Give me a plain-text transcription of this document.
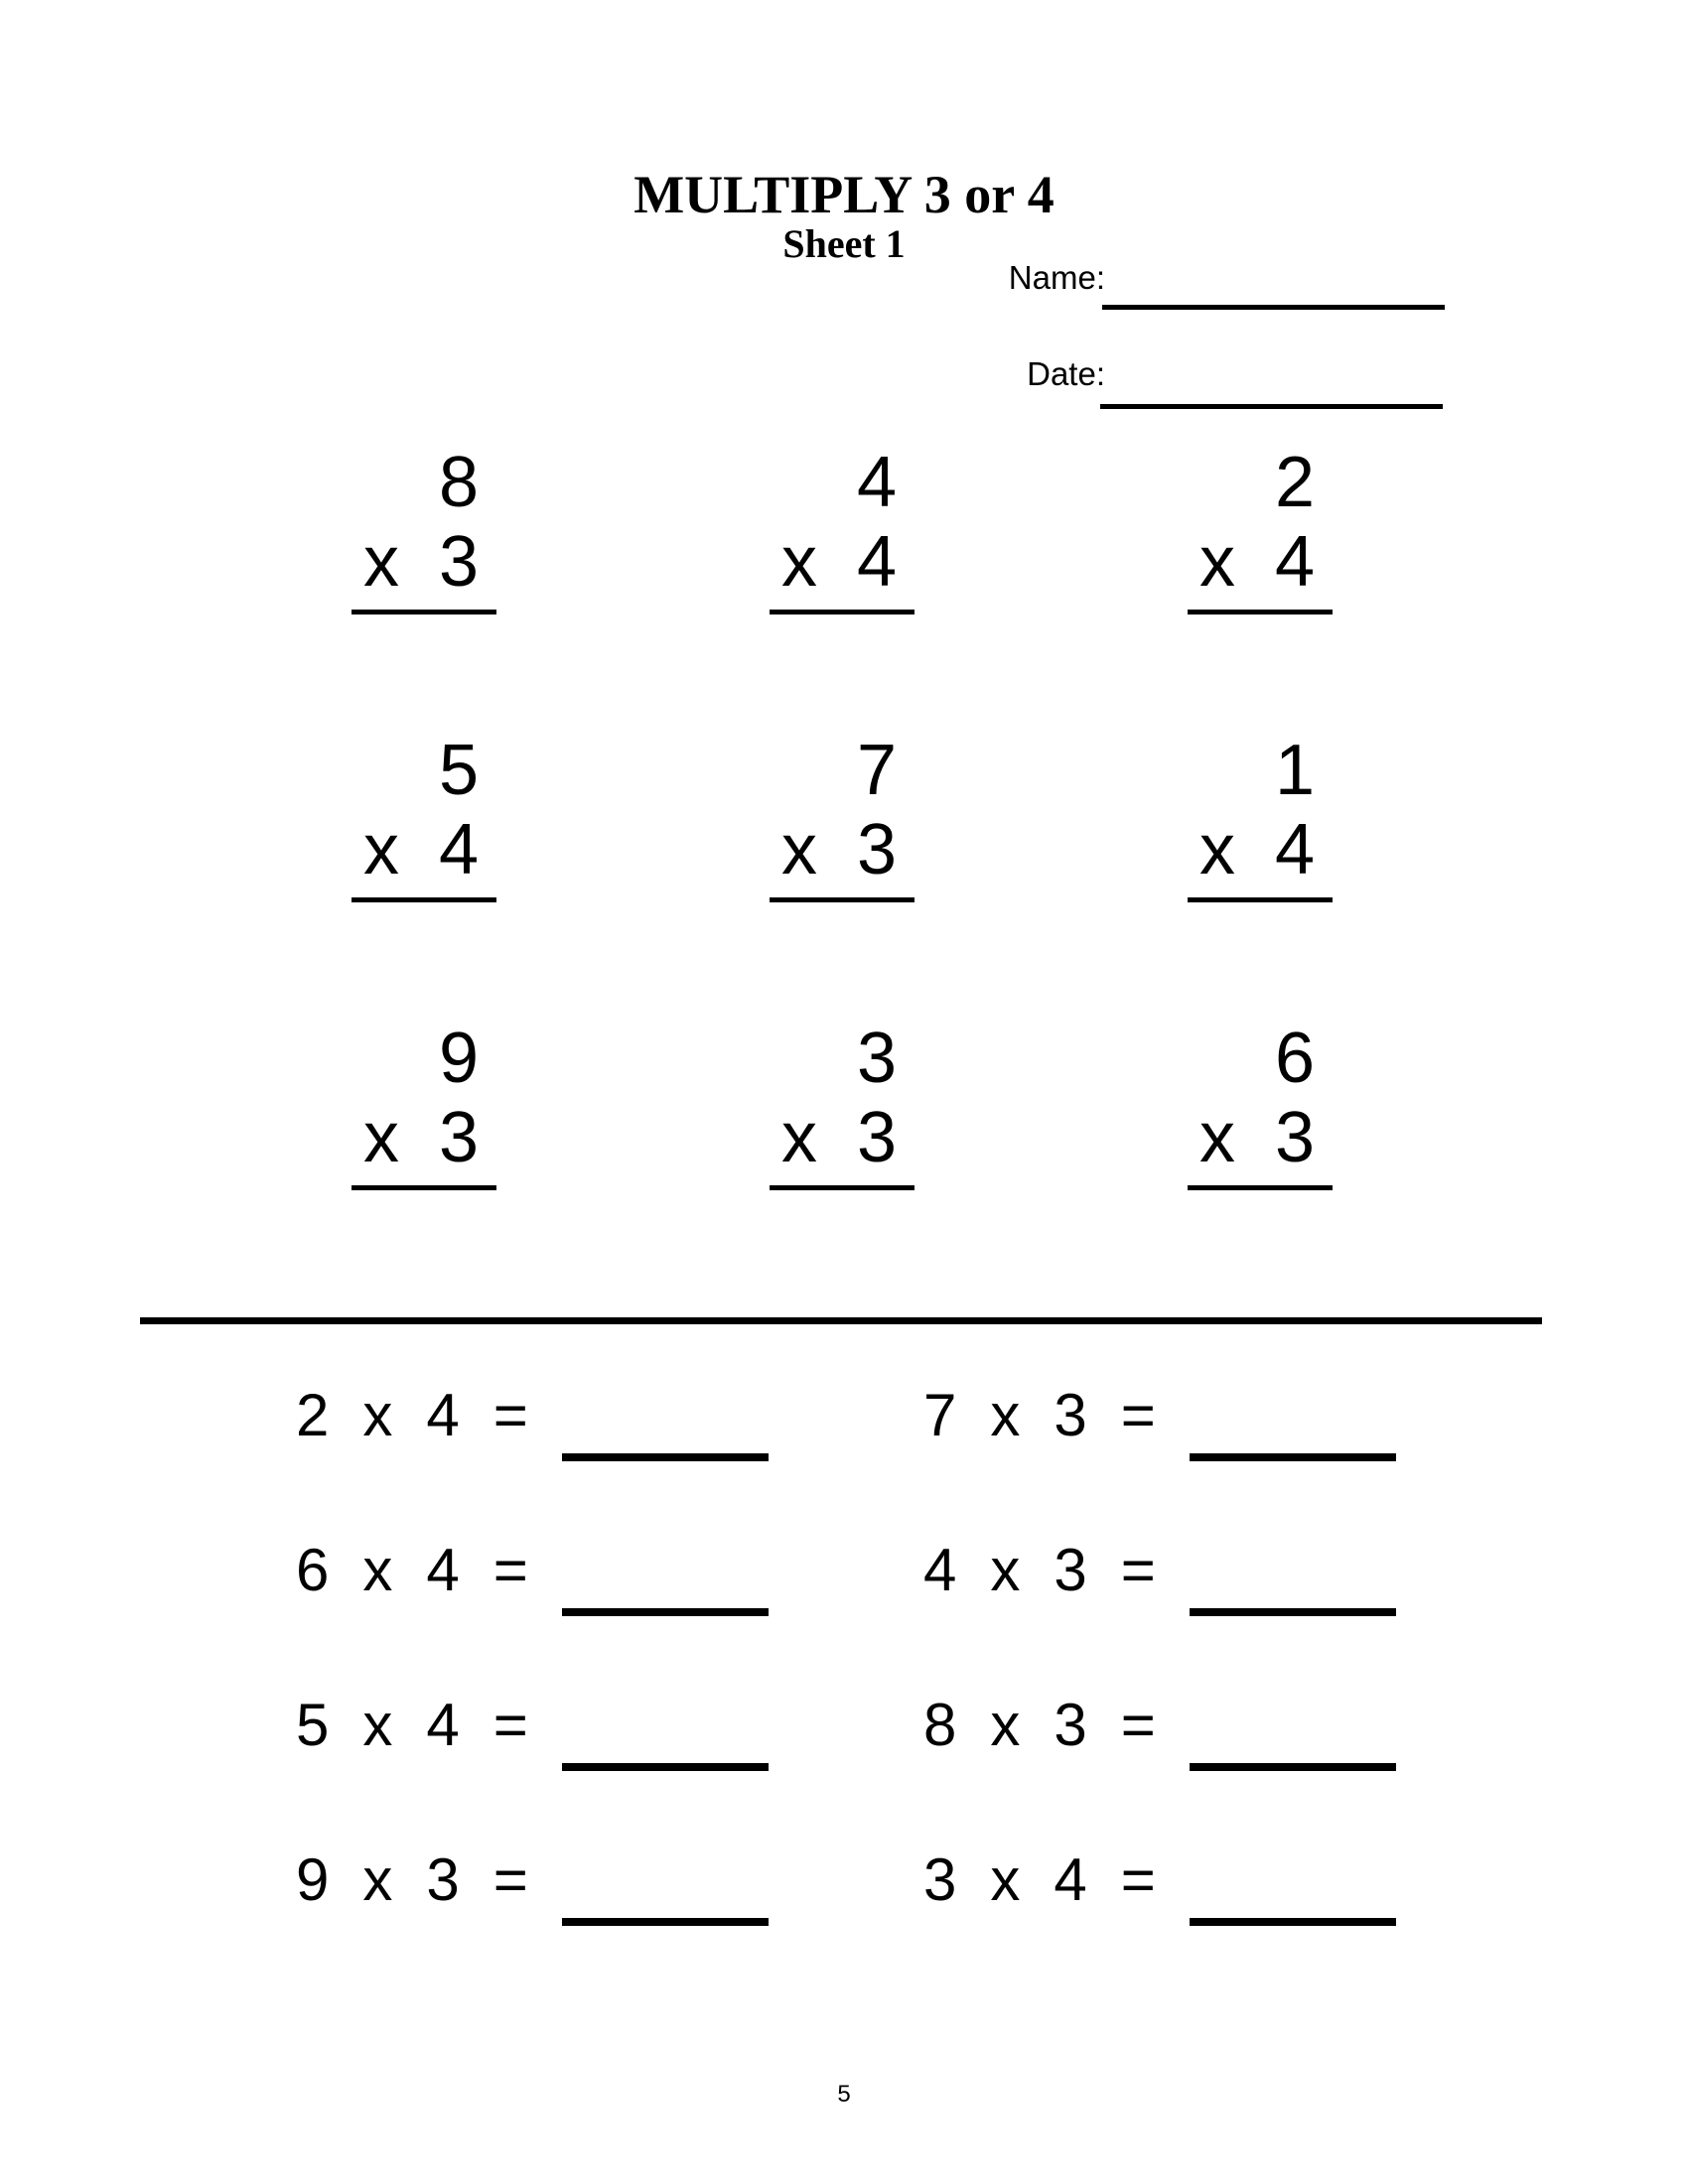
MULTIPLY 3 or 4
Sheet 1
Name:
Date:
8
x 3
4
x 4
2
x 4
5
x 4
7
x 3
1
x 4
9
x 3
3
x 3
6
x 3
2 x 4 =	7 x 3 =
6 x 4 =	4 x 3 =
5 x 4 =	8 x 3 =
9 x 3 =	3 x 4 =
5
